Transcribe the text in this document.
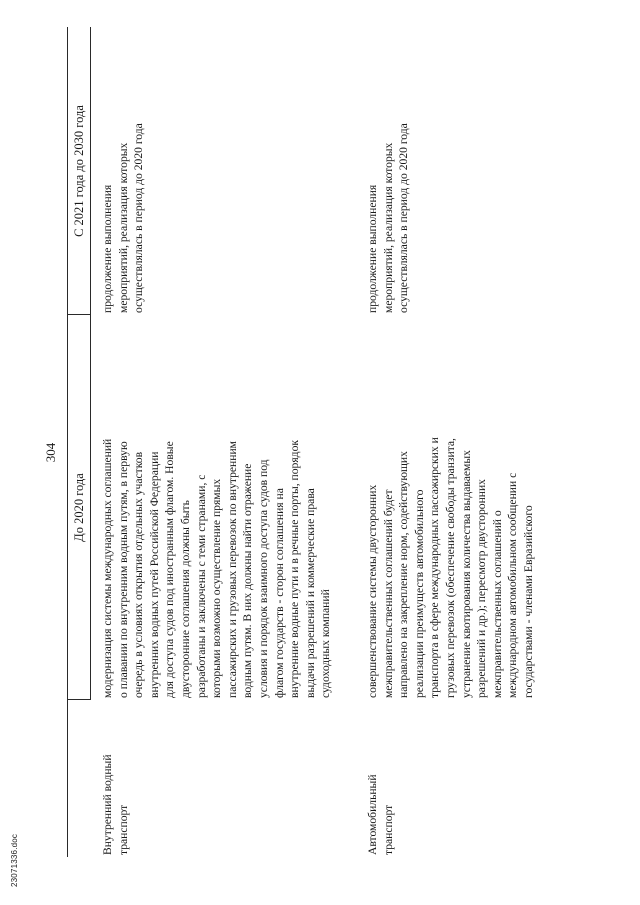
23071336.doc
304
До 2020 года
С 2021 года до 2030 года
Внутренний водный
транспорт
модернизация системы международных соглашений
о плавании по внутренним водным путям, в первую
очередь в условиях открытия отдельных участков
внутренних водных путей Российской Федерации
для доступа судов под иностранным флагом. Новые
двусторонние соглашения должны быть
разработаны и заключены с теми странами, с
которыми возможно осуществление прямых
пассажирских и грузовых перевозок по внутренним
водным путям. В них должны найти отражение
условия и порядок взаимного доступа судов под
флагом государств - сторон соглашения на
внутренние водные пути и в речные порты, порядок
выдачи разрешений и коммерческие права
судоходных компаний
продолжение выполнения
мероприятий, реализация которых
осуществлялась в период до 2020 года
Автомобильный
транспорт
совершенствование системы двусторонних
межправительственных соглашений будет
направлено на закрепление норм, содействующих
реализации преимуществ автомобильного
транспорта в сфере международных пассажирских и
грузовых перевозок (обеспечение свободы транзита,
устранение квотирования количества выдаваемых
разрешений и др.); пересмотр двусторонних
межправительственных соглашений о
международном автомобильном сообщении с
государствами - членами Евразийского
продолжение выполнения
мероприятий, реализация которых
осуществлялась в период до 2020 года
